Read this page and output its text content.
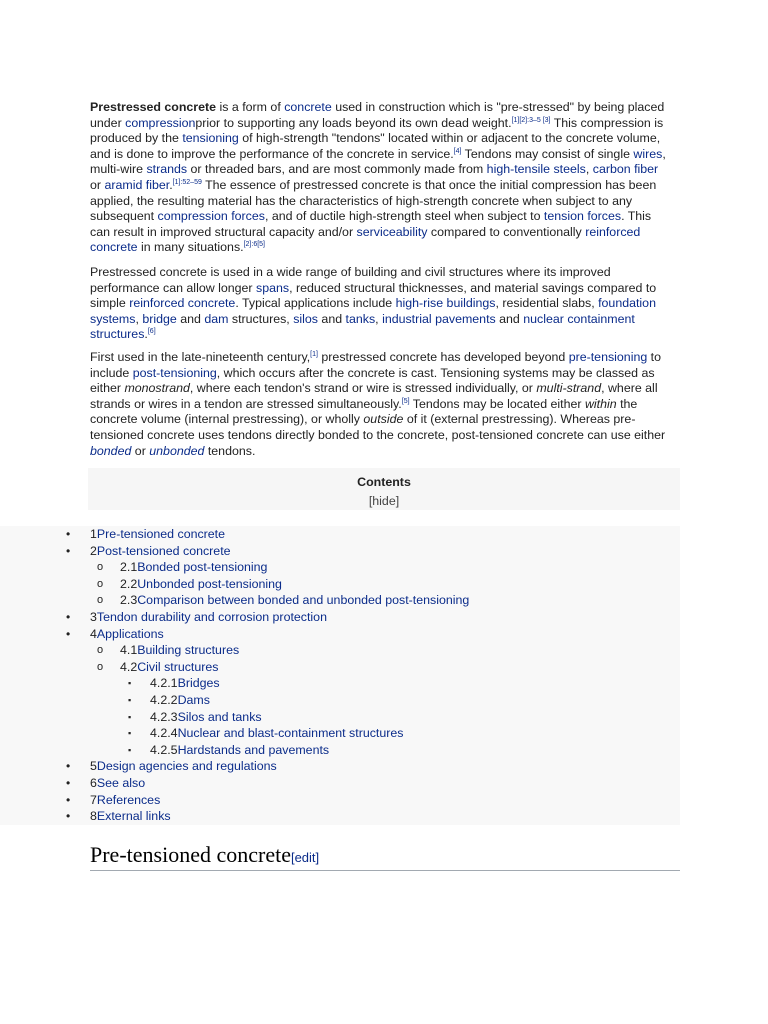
Prestressed concrete is a form of concrete used in construction which is "pre-stressed" by being placed under compressionprior to supporting any loads beyond its own dead weight.[1][2]:3–5 [3] This compression is produced by the tensioning of high-strength "tendons" located within or adjacent to the concrete volume, and is done to improve the performance of the concrete in service.[4] Tendons may consist of single wires, multi-wire strands or threaded bars, and are most commonly made from high-tensile steels, carbon fiber or aramid fiber.$^{[1]:52-59}$ The essence of prestressed concrete is that once the initial compression has been applied, the resulting material has the characteristics of high-strength concrete when subject to any subsequent compression forces, and of ductile high-strength steel when subject to tension forces. This can result in improved structural capacity and/or serviceability compared to conventionally reinforced concrete in many situations.[2]:6[5]

Prestressed concrete is used in a wide range of building and civil structures where its improved performance can allow longer spans, reduced structural thicknesses, and material savings compared to simple reinforced concrete. Typical applications include high-rise buildings, residential slabs, foundation systems, bridge and dam structures, silos and tanks, industrial pavements and nuclear containment structures.[6]

First used in the late-nineteenth century,[1] prestressed concrete has developed beyond pre-tensioning to include post-tensioning, which occurs after the concrete is cast. Tensioning systems may be classed as either monostrand, where each tendon's strand or wire is stressed individually, or multi-strand, where all strands or wires in a tendon are stressed simultaneously.[5] Tendons may be located either within the concrete volume (internal prestressing), or wholly outside of it (external prestressing). Whereas pre-tensioned concrete uses tendons directly bonded to the concrete, post-tensioned concrete can use either bonded or unbonded tendons.

Contents
[hide]
• 1Pre-tensioned concrete
• 2Post-tensioned concrete
o 2.1Bonded post-tensioning
o 2.2Unbonded post-tensioning
o 2.3Comparison between bonded and unbonded post-tensioning
• 3Tendon durability and corrosion protection
• 4Applications
o 4.1Building structures
o 4.2Civil structures
▪ 4.2.1Bridges
▪ 4.2.2Dams
▪ 4.2.3Silos and tanks
▪ 4.2.4Nuclear and blast-containment structures
▪ 4.2.5Hardstands and pavements
• 5Design agencies and regulations
• 6See also
• 7References
• 8External links
Pre-tensioned concrete[edit]
